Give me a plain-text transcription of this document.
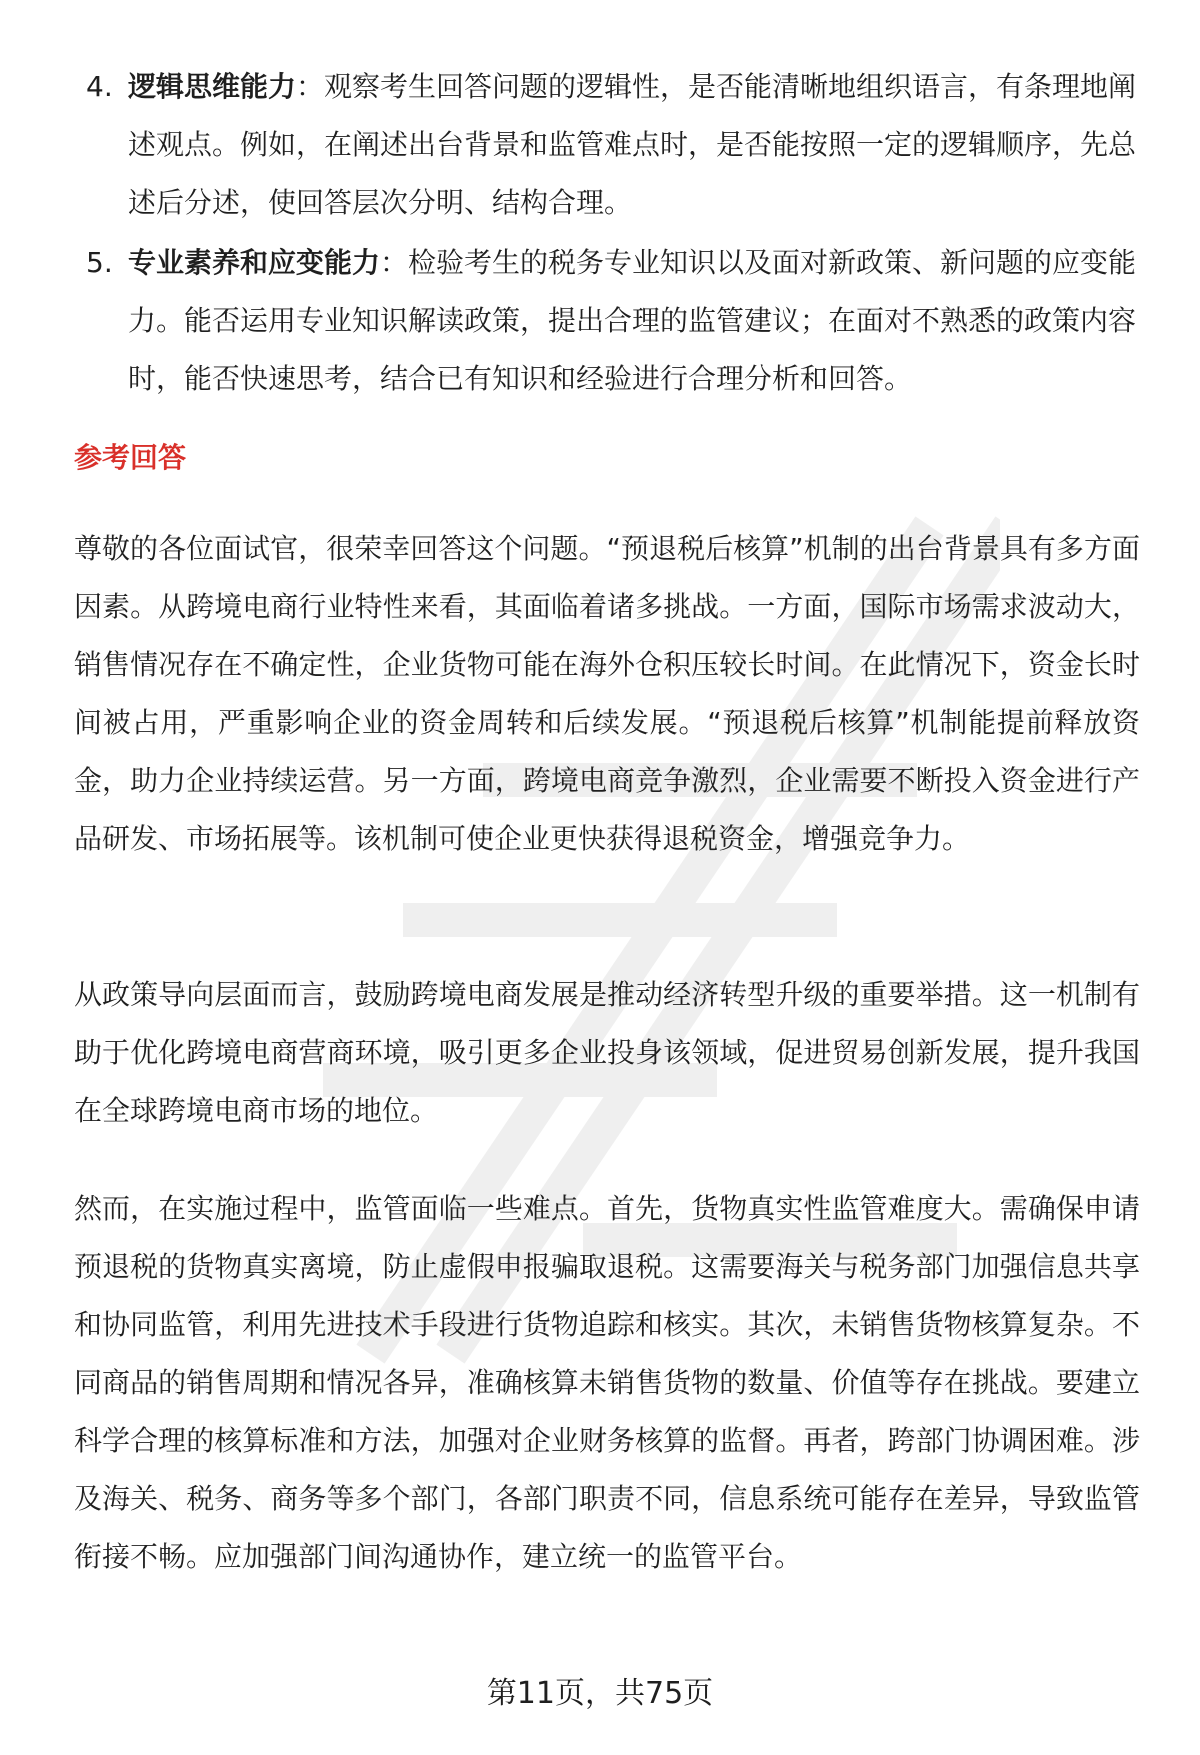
4. 逻辑思维能力：观察考生回答问题的逻辑性，是否能清晰地组织语言，有条理地阐述观点。例如，在阐述出台背景和监管难点时，是否能按照一定的逻辑顺序，先总述后分述，使回答层次分明、结构合理。
5. 专业素养和应变能力：检验考生的税务专业知识以及面对新政策、新问题的应变能力。能否运用专业知识解读政策，提出合理的监管建议；在面对不熟悉的政策内容时，能否快速思考，结合已有知识和经验进行合理分析和回答。
参考回答

尊敬的各位面试官，很荣幸回答这个问题。“预退税后核算”机制的出台背景具有多方面因素。从跨境电商行业特性来看，其面临着诸多挑战。一方面，国际市场需求波动大，销售情况存在不确定性，企业货物可能在海外仓积压较长时间。在此情况下，资金长时间被占用，严重影响企业的资金周转和后续发展。“预退税后核算”机制能提前释放资金，助力企业持续运营。另一方面，跨境电商竞争激烈，企业需要不断投入资金进行产品研发、市场拓展等。该机制可使企业更快获得退税资金，增强竞争力。

从政策导向层面而言，鼓励跨境电商发展是推动经济转型升级的重要举措。这一机制有助于优化跨境电商营商环境，吸引更多企业投身该领域，促进贸易创新发展，提升我国在全球跨境电商市场的地位。

然而，在实施过程中，监管面临一些难点。首先，货物真实性监管难度大。需确保申请预退税的货物真实离境，防止虚假申报骗取退税。这需要海关与税务部门加强信息共享和协同监管，利用先进技术手段进行货物追踪和核实。其次，未销售货物核算复杂。不同商品的销售周期和情况各异，准确核算未销售货物的数量、价值等存在挑战。要建立科学合理的核算标准和方法，加强对企业财务核算的监督。再者，跨部门协调困难。涉及海关、税务、商务等多个部门，各部门职责不同，信息系统可能存在差异，导致监管衔接不畅。应加强部门间沟通协作，建立统一的监管平台。

第11页，共75页
